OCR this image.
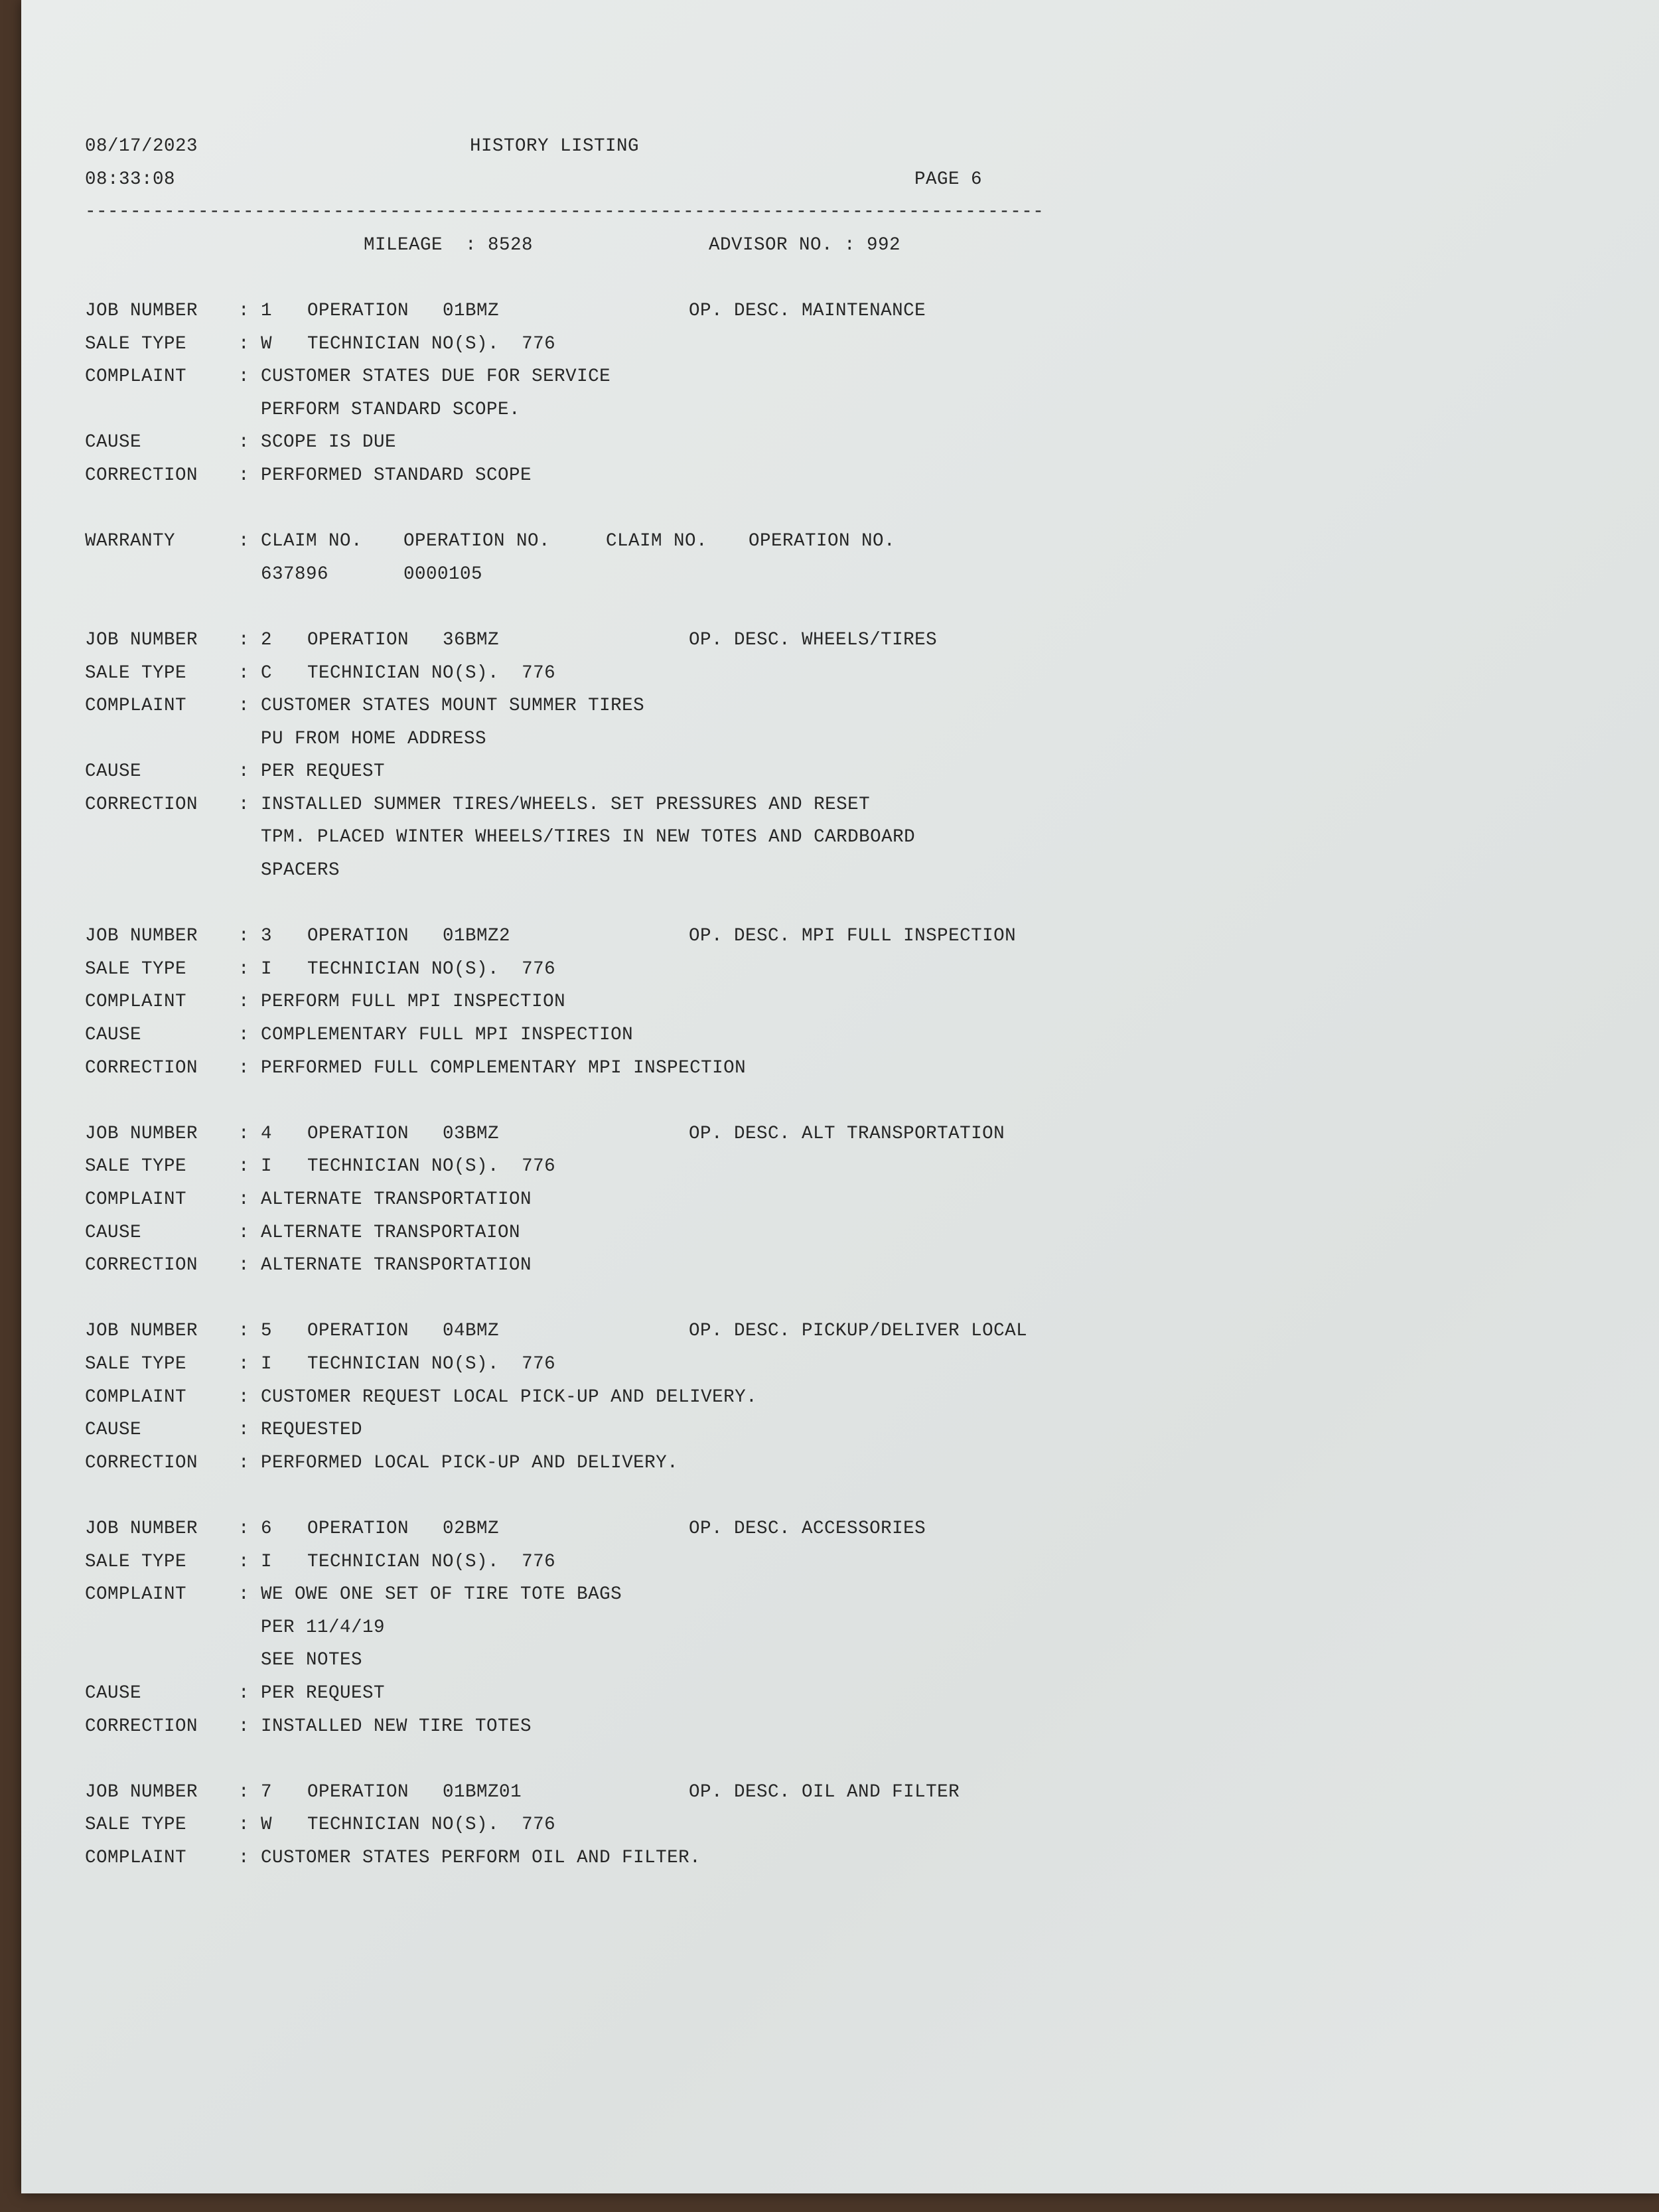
08/17/2023	HISTORY LISTING
08:33:08	PAGE 6
-------------------------------------------------------------------------------------
MILEAGE  : 8528	ADVISOR NO. : 992
JOB NUMBER : 1 OPERATION 01BMZ	OP. DESC. MAINTENANCE
SALE TYPE	: W TECHNICIAN NO(S). 776
COMPLAINT	: CUSTOMER STATES DUE FOR SERVICE
PERFORM STANDARD SCOPE.
CAUSE	: SCOPE IS DUE
CORRECTION : PERFORMED STANDARD SCOPE
WARRANTY	: CLAIM NO. OPERATION NO.	CLAIM NO. OPERATION NO.
637896	0000105
JOB NUMBER : 2 OPERATION 36BMZ	OP. DESC. WHEELS/TIRES
SALE TYPE	: C TECHNICIAN NO(S). 776
COMPLAINT	: CUSTOMER STATES MOUNT SUMMER TIRES
PU FROM HOME ADDRESS
CAUSE	: PER REQUEST
CORRECTION : INSTALLED SUMMER TIRES/WHEELS. SET PRESSURES AND RESET
TPM. PLACED WINTER WHEELS/TIRES IN NEW TOTES AND CARDBOARD
SPACERS
JOB NUMBER : 3 OPERATION 01BMZ2	OP. DESC. MPI FULL INSPECTION
SALE TYPE	: I TECHNICIAN NO(S). 776
COMPLAINT	: PERFORM FULL MPI INSPECTION
CAUSE	: COMPLEMENTARY FULL MPI INSPECTION
CORRECTION : PERFORMED FULL COMPLEMENTARY MPI INSPECTION
JOB NUMBER : 4 OPERATION 03BMZ	OP. DESC. ALT TRANSPORTATION
SALE TYPE	: I TECHNICIAN NO(S). 776
COMPLAINT	: ALTERNATE TRANSPORTATION
CAUSE	: ALTERNATE TRANSPORTAION
CORRECTION : ALTERNATE TRANSPORTATION
JOB NUMBER : 5 OPERATION 04BMZ	OP. DESC. PICKUP/DELIVER LOCAL
SALE TYPE	: I TECHNICIAN NO(S). 776
COMPLAINT	: CUSTOMER REQUEST LOCAL PICK-UP AND DELIVERY.
CAUSE	: REQUESTED
CORRECTION : PERFORMED LOCAL PICK-UP AND DELIVERY.
JOB NUMBER : 6 OPERATION 02BMZ	OP. DESC. ACCESSORIES
SALE TYPE	: I TECHNICIAN NO(S). 776
COMPLAINT	: WE OWE ONE SET OF TIRE TOTE BAGS
PER 11/4/19
SEE NOTES
CAUSE	: PER REQUEST
CORRECTION : INSTALLED NEW TIRE TOTES
JOB NUMBER : 7 OPERATION 01BMZ01	OP. DESC. OIL AND FILTER
SALE TYPE	: W TECHNICIAN NO(S). 776
COMPLAINT	: CUSTOMER STATES PERFORM OIL AND FILTER.
